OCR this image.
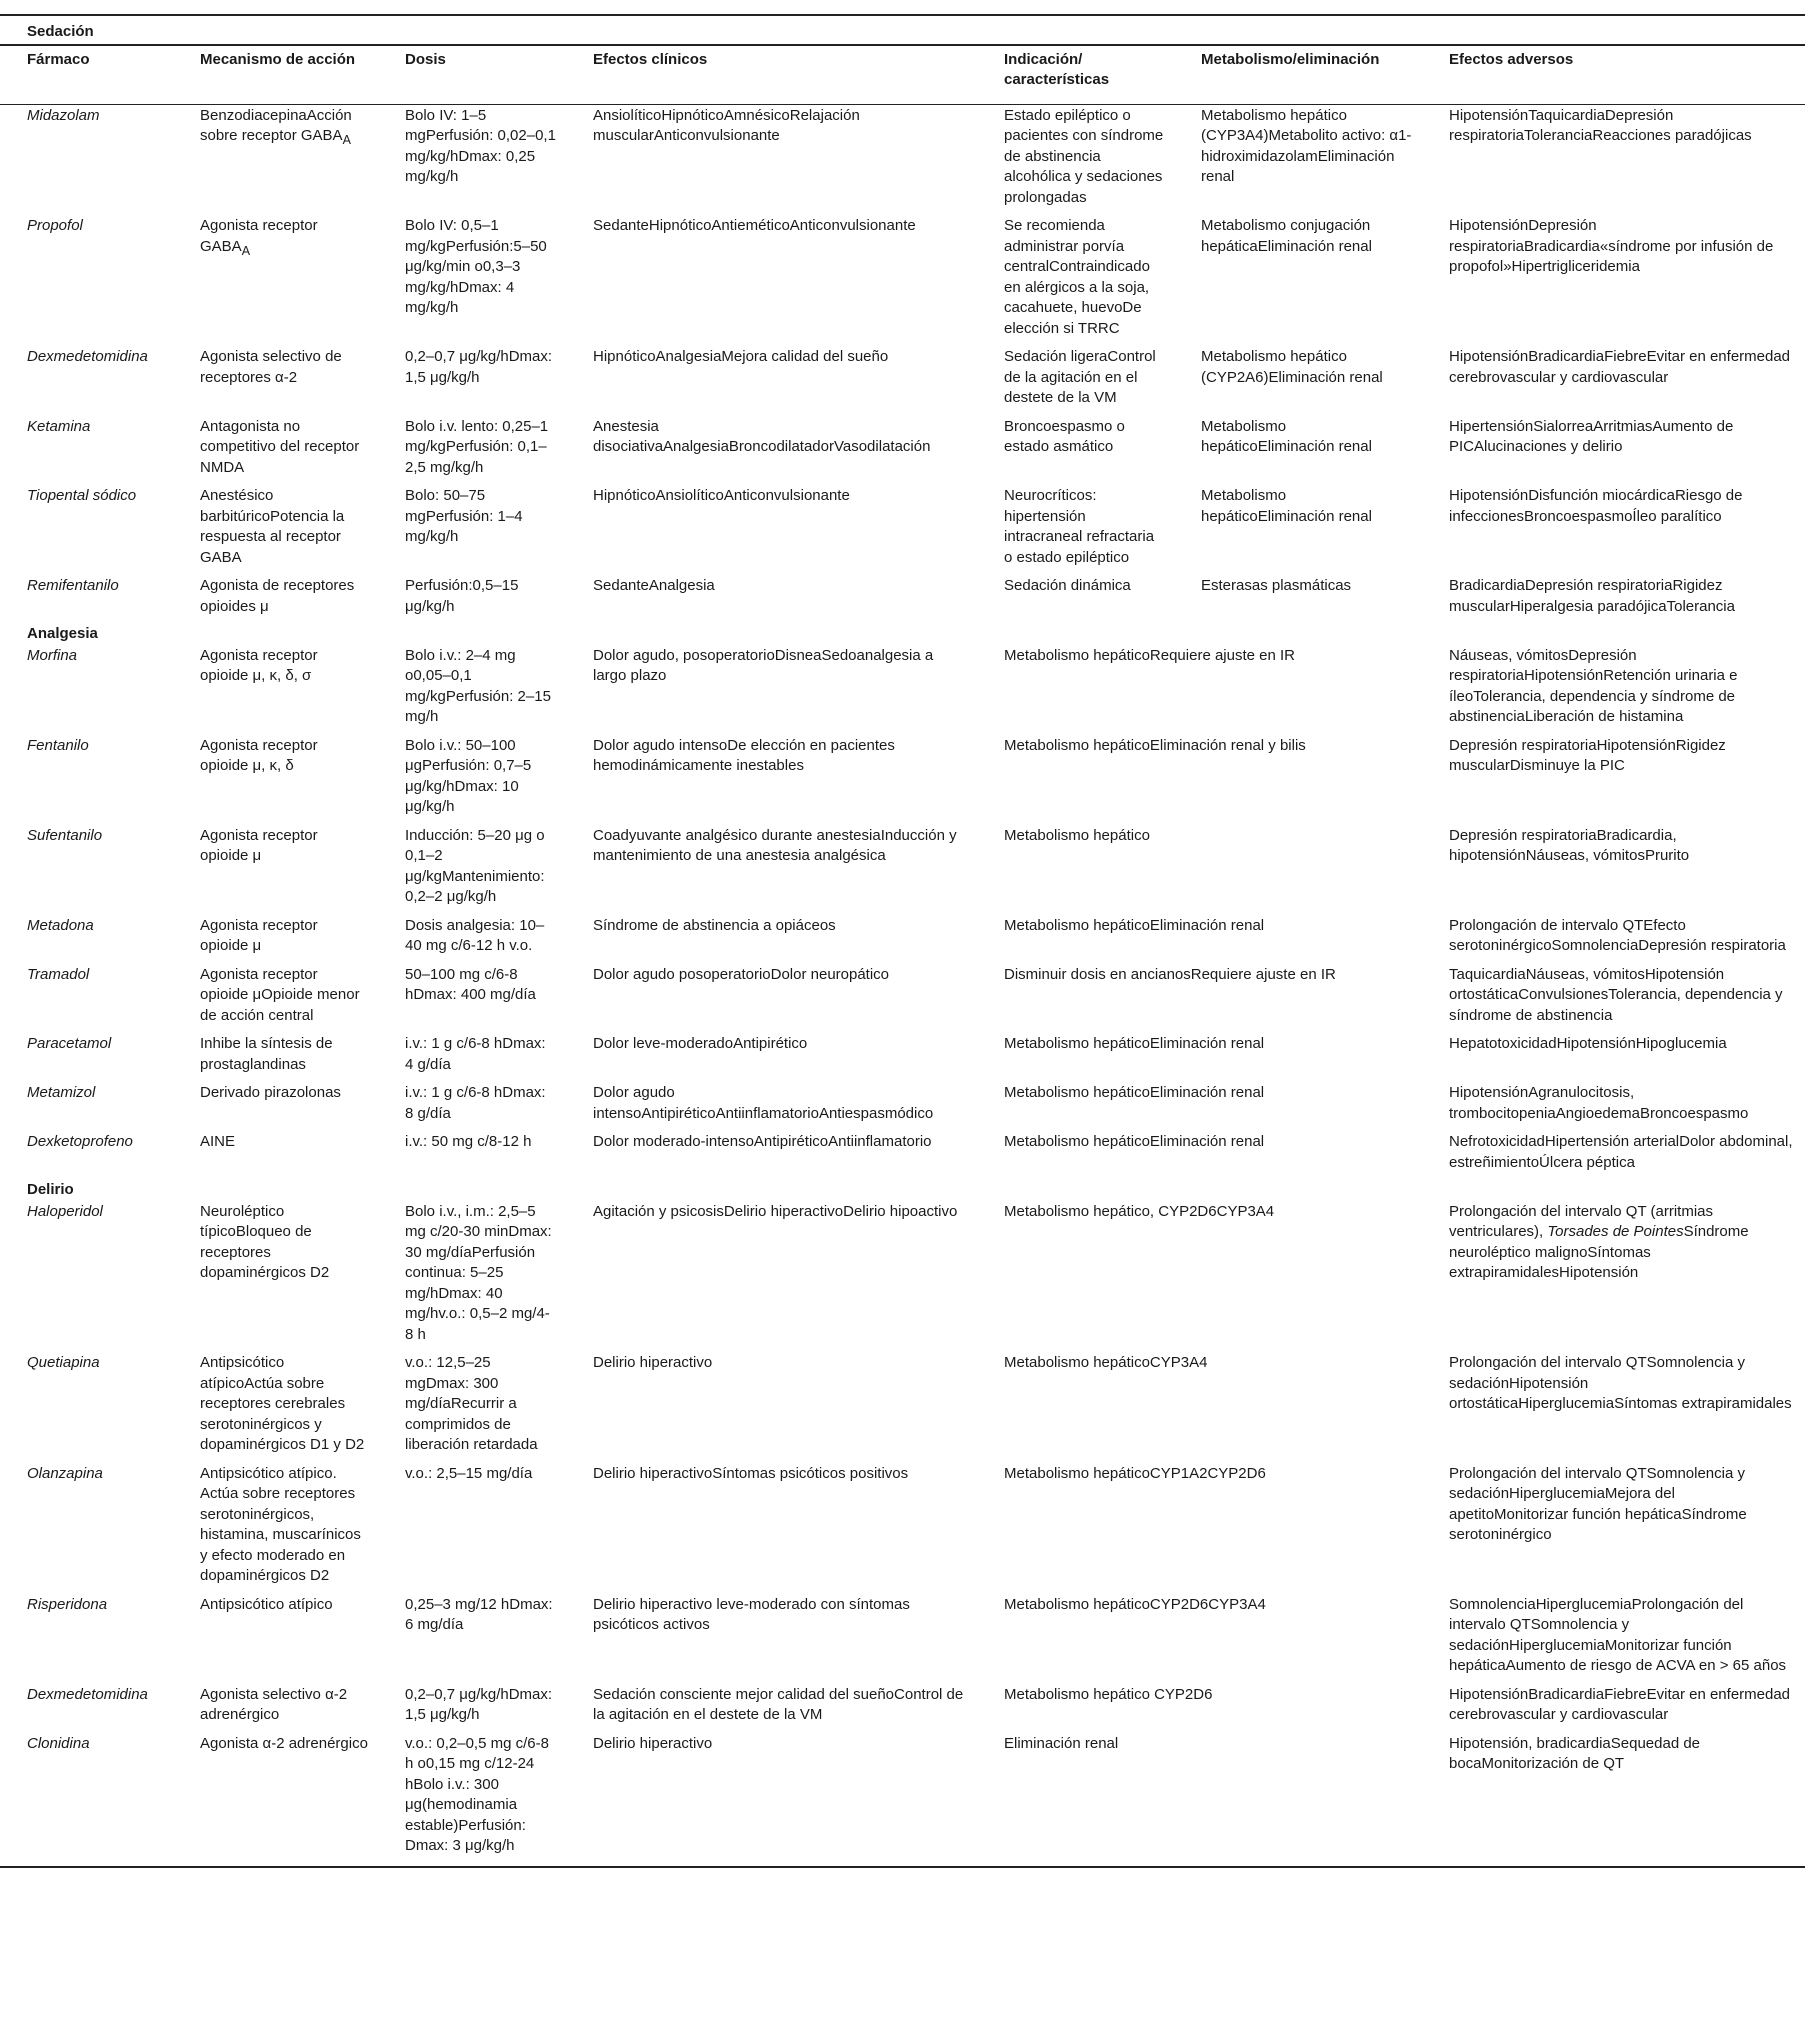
Sedación						
Fármaco	Mecanismo de acción	Dosis	Efectos clínicos	Indicación/ características	Metabolismo/eliminación	Efectos adversos
Midazolam	BenzodiacepinaAcción sobre receptor $GABA_A$	Bolo IV: 1–5 mgPerfusión: 0,02–0,1 mg/kg/hDmax: 0,25 mg/kg/h	AnsiolíticoHipnóticoAmnésicoRelajación muscularAnticonvulsionante	Estado epiléptico o pacientes con síndrome de abstinencia alcohólica y sedaciones prolongadas	Metabolismo hepático (CYP3A4)Metabolito activo: α1-hidroximidazolamEliminación renal	HipotensiónTaquicardiaDepresión respiratoriaToleranciaReacciones paradójicas
Propofol	Agonista receptor $GABA_A$	Bolo IV: 0,5–1 mg/kgPerfusión:5–50 μg/kg/min o0,3–3 mg/kg/hDmax: 4 mg/kg/h	SedanteHipnóticoAntieméticoAnticonvulsionante	Se recomienda administrar porvía centralContraindicado en alérgicos a la soja, cacahuete, huevoDe elección si TRRC	Metabolismo conjugación hepáticaEliminación renal	HipotensiónDepresión respiratoriaBradicardia«síndrome por infusión de propofol»Hipertrigliceridemia
Dexmedetomidina	Agonista selectivo de receptores α-2	0,2–0,7 μg/kg/hDmax: 1,5 μg/kg/h	HipnóticoAnalgesiaMejora calidad del sueño	Sedación ligeraControl de la agitación en el destete de la VM	Metabolismo hepático (CYP2A6)Eliminación renal	HipotensiónBradicardiaFiebreEvitar en enfermedad cerebrovascular y cardiovascular
Ketamina	Antagonista no competitivo del receptor NMDA	Bolo i.v. lento: 0,25–1 mg/kgPerfusión: 0,1–2,5 mg/kg/h	Anestesia disociativaAnalgesiaBroncodilatadorVasodilatación	Broncoespasmo o estado asmático	Metabolismo hepáticoEliminación renal	HipertensiónSialorreaArritmiasAumento de PICAlucinaciones y delirio
Tiopental sódico	Anestésico barbitúricoPotencia la respuesta al receptor GABA	Bolo: 50–75 mgPerfusión: 1–4 mg/kg/h	HipnóticoAnsiolíticoAnticonvulsionante	Neurocríticos: hipertensión intracraneal refractaria o estado epiléptico	Metabolismo hepáticoEliminación renal	HipotensiónDisfunción miocárdicaRiesgo de infeccionesBroncoespasmoÍleo paralítico
Remifentanilo	Agonista de receptores opioides μ	Perfusión:0,5–15 μg/kg/h	SedanteAnalgesia	Sedación dinámica	Esterasas plasmáticas	BradicardiaDepresión respiratoriaRigidez muscularHiperalgesia paradójicaTolerancia
Analgesia						
Morfina	Agonista receptor opioide μ, κ, δ, σ	Bolo i.v.: 2–4 mg o0,05–0,1 mg/kgPerfusión: 2–15 mg/h	Dolor agudo, posoperatorioDisneaSedoanalgesia a largo plazo	Metabolismo hepáticoRequiere ajuste en IR		Náuseas, vómitosDepresión respiratoriaHipotensiónRetención urinaria e íleoTolerancia, dependencia y síndrome de abstinenciaLiberación de histamina
Fentanilo	Agonista receptor opioide μ, κ, δ	Bolo i.v.: 50–100 μgPerfusión: 0,7–5 μg/kg/hDmax: 10 μg/kg/h	Dolor agudo intensoDe elección en pacientes hemodinámicamente inestables	Metabolismo hepáticoEliminación renal y bilis		Depresión respiratoriaHipotensiónRigidez muscularDisminuye la PIC
Sufentanilo	Agonista receptor opioide μ	Inducción: 5–20 μg o 0,1–2 μg/kgMantenimiento: 0,2–2 μg/kg/h	Coadyuvante analgésico durante anestesiaInducción y mantenimiento de una anestesia analgésica	Metabolismo hepático		Depresión respiratoriaBradicardia, hipotensiónNáuseas, vómitosPrurito
Metadona	Agonista receptor opioide μ	Dosis analgesia: 10–40 mg c/6-12 h v.o.	Síndrome de abstinencia a opiáceos	Metabolismo hepáticoEliminación renal		Prolongación de intervalo QTEfecto serotoninérgicoSomnolenciaDepresión respiratoria
Tramadol	Agonista receptor opioide μOpioide menor de acción central	50–100 mg c/6-8 hDmax: 400 mg/día	Dolor agudo posoperatorioDolor neuropático	Disminuir dosis en ancianosRequiere ajuste en IR		TaquicardiaNáuseas, vómitosHipotensión ortostáticaConvulsionesTolerancia, dependencia y síndrome de abstinencia
Paracetamol	Inhibe la síntesis de prostaglandinas	i.v.: 1 g c/6-8 hDmax: 4 g/día	Dolor leve-moderadoAntipirético	Metabolismo hepáticoEliminación renal		HepatotoxicidadHipotensiónHipoglucemia
Metamizol	Derivado pirazolonas	i.v.: 1 g c/6-8 hDmax: 8 g/día	Dolor agudo intensoAntipiréticoAntiinflamatorioAntiespasmódico	Metabolismo hepáticoEliminación renal		HipotensiónAgranulocitosis, trombocitopeniaAngioedemaBroncoespasmo
Dexketoprofeno	AINE	i.v.: 50 mg c/8-12 h	Dolor moderado-intensoAntipiréticoAntiinflamatorio	Metabolismo hepáticoEliminación renal		NefrotoxicidadHipertensión arterialDolor abdominal, estreñimientoÚlcera péptica
Delirio						
Haloperidol	Neuroléptico típicoBloqueo de receptores dopaminérgicos D2	Bolo i.v., i.m.: 2,5–5 mg c/20-30 minDmax: 30 mg/díaPerfusión continua: 5–25 mg/hDmax: 40 mg/hv.o.: 0,5–2 mg/4-8 h	Agitación y psicosisDelirio hiperactivoDelirio hipoactivo	Metabolismo hepático, CYP2D6CYP3A4		Prolongación del intervalo QT (arritmias ventriculares), Torsades de PointesSíndrome neuroléptico malignoSíntomas extrapiramidalesHipotensión
Quetiapina	Antipsicótico atípicoActúa sobre receptores cerebrales serotoninérgicos y dopaminérgicos D1 y D2	v.o.: 12,5–25 mgDmax: 300 mg/díaRecurrir a comprimidos de liberación retardada	Delirio hiperactivo	Metabolismo hepáticoCYP3A4		Prolongación del intervalo QTSomnolencia y sedaciónHipotensión ortostáticaHiperglucemiaSíntomas extrapiramidales
Olanzapina	Antipsicótico atípico. Actúa sobre receptores serotoninérgicos, histamina, muscarínicos y efecto moderado en dopaminérgicos D2	v.o.: 2,5–15 mg/día	Delirio hiperactivoSíntomas psicóticos positivos	Metabolismo hepáticoCYP1A2CYP2D6		Prolongación del intervalo QTSomnolencia y sedaciónHiperglucemiaMejora del apetitoMonitorizar función hepáticaSíndrome serotoninérgico
Risperidona	Antipsicótico atípico	0,25–3 mg/12 hDmax: 6 mg/día	Delirio hiperactivo leve-moderado con síntomas psicóticos activos	Metabolismo hepáticoCYP2D6CYP3A4		SomnolenciaHiperglucemiaProlongación del intervalo QTSomnolencia y sedaciónHiperglucemiaMonitorizar función hepáticaAumento de riesgo de ACVA en > 65 años
Dexmedetomidina	Agonista selectivo α-2 adrenérgico	0,2–0,7 μg/kg/hDmax: 1,5 μg/kg/h	Sedación consciente mejor calidad del sueñoControl de la agitación en el destete de la VM	Metabolismo hepático CYP2D6		HipotensiónBradicardiaFiebreEvitar en enfermedad cerebrovascular y cardiovascular
Clonidina	Agonista α-2 adrenérgico	v.o.: 0,2–0,5 mg c/6-8 h o0,15 mg c/12-24 hBolo i.v.: 300 μg(hemodinamia estable)Perfusión: Dmax: 3 μg/kg/h	Delirio hiperactivo	Eliminación renal		Hipotensión, bradicardiaSequedad de bocaMonitorización de QT
